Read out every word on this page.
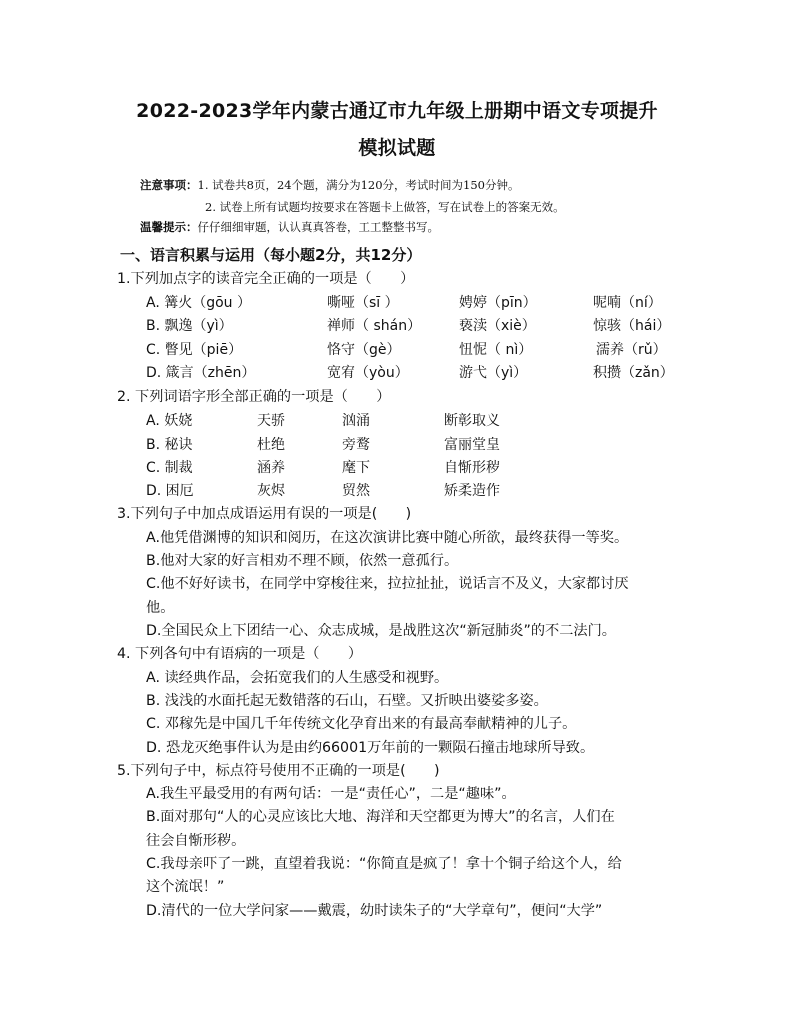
2022-2023学年内蒙古通辽市九年级上册期中语文专项提升
模拟试题
注意事项：1. 试卷共8页，24个题，满分为120分，考试时间为150分钟。
2. 试卷上所有试题均按要求在答题卡上做答，写在试卷上的答案无效。
温馨提示：仔仔细细审题，认认真真答卷，工工整整书写。
一、语言积累与运用（每小题2分，共12分）
1.下列加点字的读音完全正确的一项是（　　）
A. 篝火（gōu ）	嘶哑（sī ）	娉婷（pīn）	呢喃（ní）
B. 飘逸（yì）	禅师（ shán）	亵渎（xiè）	惊骇（hái）
C. 瞥见（piē）	恪守（gè）	忸怩（ nì）	濡养（rǔ）
D. 箴言（zhēn）	宽宥（yòu）	游弋（yì）	积攒（zǎn）
2. 下列词语字形全部正确的一项是（　　）
A. 妖娆	天骄	汹涌	断彰取义
B. 秘诀	杜绝	旁鹜	富丽堂皇
C. 制裁	涵养	麾下	自惭形秽
D. 困厄	灰烬	贸然	矫柔造作
3.下列句子中加点成语运用有误的一项是(　　)
A.他凭借渊博的知识和阅历，在这次演讲比赛中随心所欲，最终获得一等奖。
B.他对大家的好言相劝不理不顾，依然一意孤行。
C.他不好好读书，在同学中穿梭往来，拉拉扯扯，说话言不及义，大家都讨厌
他。
D.全国民众上下团结一心、众志成城，是战胜这次“新冠肺炎”的不二法门。
4. 下列各句中有语病的一项是（　　）
A. 读经典作品，会拓宽我们的人生感受和视野。
B. 浅浅的水面托起无数错落的石山，石壁。又折映出婆娑多姿。
C. 邓稼先是中国几千年传统文化孕育出来的有最高奉献精神的儿子。
D. 恐龙灭绝事件认为是由约66001万年前的一颗陨石撞击地球所导致。
5.下列句子中，标点符号使用不正确的一项是(　　)
A.我生平最受用的有两句话：一是“责任心”，二是“趣味”。
B.面对那句“人的心灵应该比大地、海洋和天空都更为博大”的名言，人们在
往会自惭形秽。
C.我母亲吓了一跳，直望着我说：“你简直是疯了！拿十个铜子给这个人，给
这个流氓！”
D.清代的一位大学问家——戴震，幼时读朱子的“大学章句”，便问“大学”
